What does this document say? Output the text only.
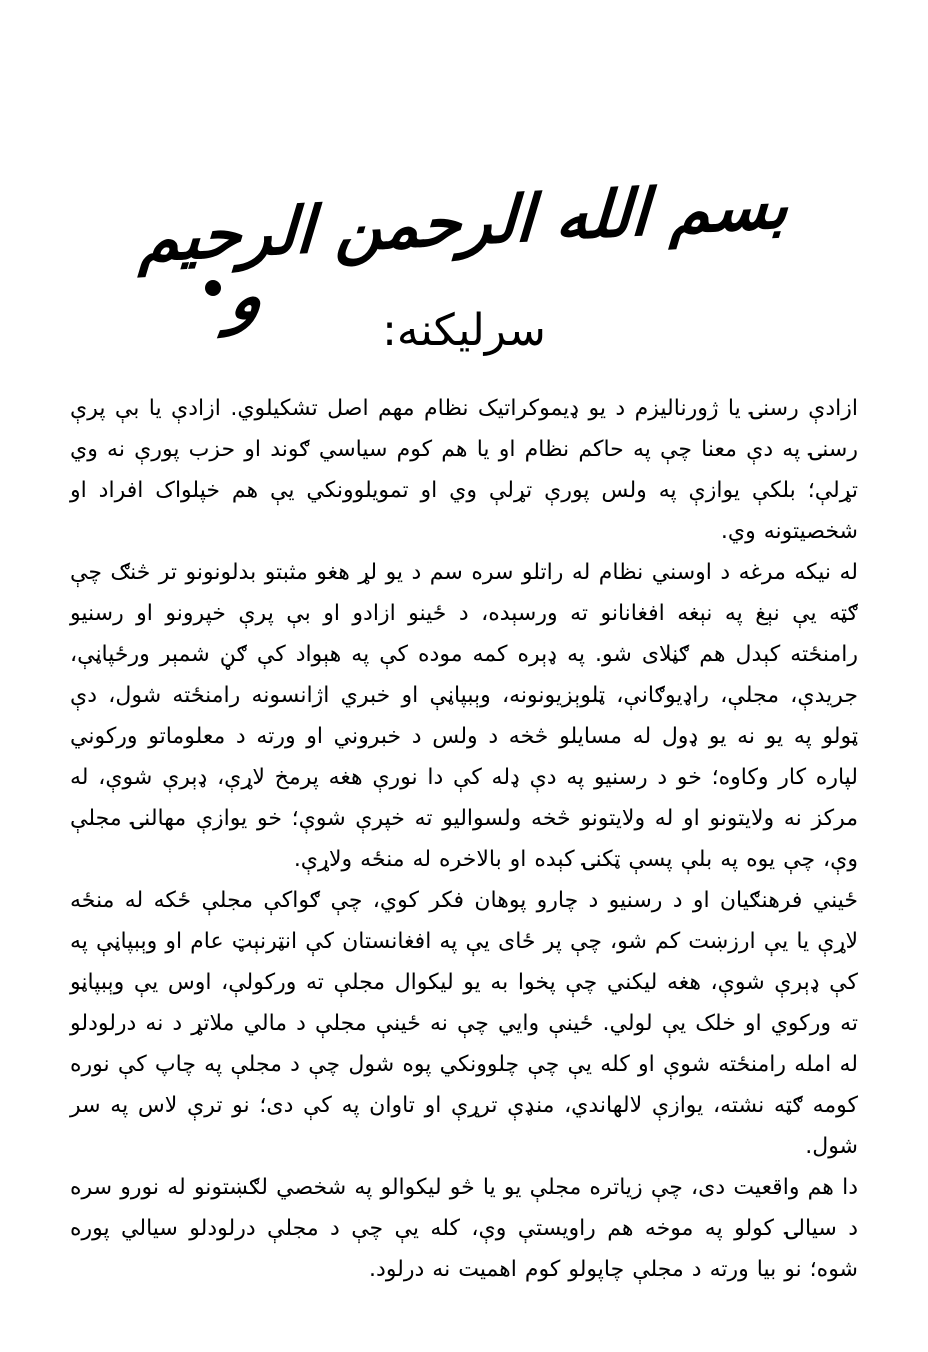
بسم الله الرحمن الرحيم
و	سرليکنه:

ازادې رسنۍ يا ژورناليزم د يو ډيموکراتيک نظام مهم اصل تشکيلوي. ازادې يا بې پرې رسنۍ په دې معنا چې په حاکم نظام او يا هم کوم سياسي ګوند او حزب پورې نه وي تړلې؛ بلکې يوازې په ولس پورې تړلې وي او تمويلوونکي يې هم خپلواک افراد او شخصيتونه وي.

له نيکه مرغه د اوسني نظام له راتلو سره سم د يو لړ هغو مثبتو بدلونونو تر څنګ چې ګټه يې نېغ په نېغه افغانانو ته ورسېده، د ځينو ازادو او بې پرې خپرونو او رسنيو رامنځته کېدل هم ګڼلای شو. په ډېره کمه موده کې په هېواد کې ګڼ شمېر ورځپاڼې، جريدې، مجلې، راډيوګانې، ټلوېزيونونه، وېبپاڼې او خبري اژانسونه رامنځته شول، دې ټولو په يو نه يو ډول له مسايلو څخه د ولس د خبروني او ورته د معلوماتو ورکوني لپاره کار وکاوه؛ خو د رسنيو په دې ډله کې دا نورې هغه پرمخ لاړې، ډېرې شوې، له مرکز نه ولايتونو او له ولايتونو څخه ولسواليو ته خپرې شوې؛ خو يوازې مهالنۍ مجلې وې، چې يوه په بلې پسې ټکنۍ کېده او بالاخره له منځه ولاړې.

ځيني فرهنګيان او د رسنيو د چارو پوهان فکر کوي، چې ګواکې مجلې ځکه له منځه لاړې يا يې ارزښت کم شو، چې پر ځای يې په افغانستان کې انټرنېټ عام او وېبپاڼې په کې ډېرې شوې، هغه ليکني چې پخوا به يو ليکوال مجلې ته ورکولې، اوس يې وېبپاڼو ته ورکوي او خلک يې لولي. ځينې وايي چې نه ځينې مجلې د مالي ملاتړ د نه درلودلو له امله رامنځته شوې او کله يې چې چلوونکي پوه شول چې د مجلې په چاپ کې نوره کومه ګټه نشته، يوازې لالهاندي، منډې ترړې او تاوان په کې دی؛ نو ترې لاس په سر شول.

دا هم واقعيت دی، چې زياتره مجلې يو يا څو ليکوالو په شخصي لګښتونو له نورو سره د سيالۍ کولو په موخه هم راويستې وې، کله يې چې د مجلې درلودلو سيالي پوره شوه؛ نو بيا ورته د مجلې چاپولو کوم اهميت نه درلود.
